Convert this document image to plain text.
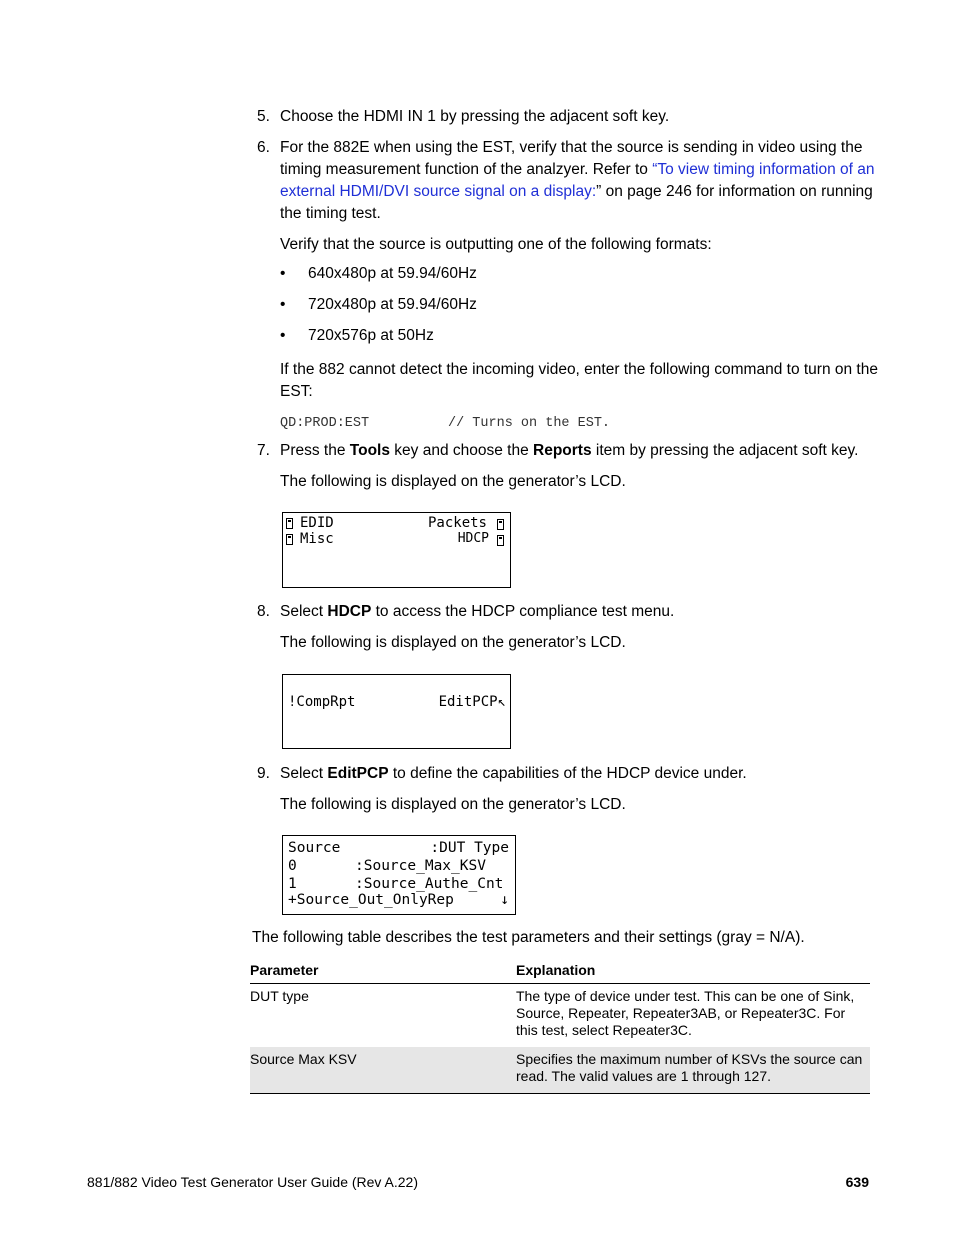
5. Choose the HDMI IN 1 by pressing the adjacent soft key.
6. For the 882E when using the EST, verify that the source is sending in video using the
timing measurement function of the analzyer. Refer to “To view timing information of an
external HDMI/DVI source signal on a display:” on page 246 for information on running
the timing test.
Verify that the source is outputting one of the following formats:
• 640x480p at 59.94/60Hz
• 720x480p at 59.94/60Hz
• 720x576p at 50Hz
If the 882 cannot detect the incoming video, enter the following command to turn on the
EST:
QD:PROD:EST	// Turns on the EST.
7. Press the Tools key and choose the Reports item by pressing the adjacent soft key.
The following is displayed on the generator’s LCD.
EDID	Packets
Misc	HDCP
8. Select HDCP to access the HDCP compliance test menu.
The following is displayed on the generator’s LCD.
!CompRpt	EditPCP↖
9. Select EditPCP to define the capabilities of the HDCP device under.
The following is displayed on the generator’s LCD.
Source	:DUT Type
0	:Source_Max_KSV
1	:Source_Authe_Cnt
+Source_Out_OnlyRep	↓
The following table describes the test parameters and their settings (gray = N/A).
Parameter	Explanation
DUT type	The type of device under test. This can be one of Sink,
Source, Repeater, Repeater3AB, or Repeater3C. For
this test, select Repeater3C.

Source Max KSV	Specifies the maximum number of KSVs the source can
read. The valid values are 1 through 127.
881/882 Video Test Generator User Guide (Rev A.22)	639
